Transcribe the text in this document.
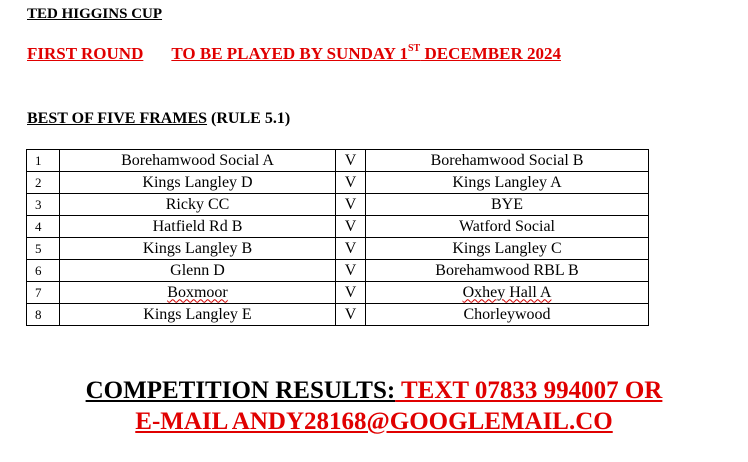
TED HIGGINS CUP
FIRST ROUND TO BE PLAYED BY SUNDAY 1ST DECEMBER 2024
BEST OF FIVE FRAMES (RULE 5.1)
1	Borehamwood Social A	V	Borehamwood Social B
2	Kings Langley D	V	Kings Langley A
3	Ricky CC	V	BYE
4	Hatfield Rd B	V	Watford Social
5	Kings Langley B	V	Kings Langley C
6	Glenn D	V	Borehamwood RBL B
7	Boxmoor	V	Oxhey Hall A
8	Kings Langley E	V	Chorleywood
COMPETITION RESULTS: TEXT 07833 994007 OR
E-MAIL ANDY28168@GOOGLEMAIL.CO
